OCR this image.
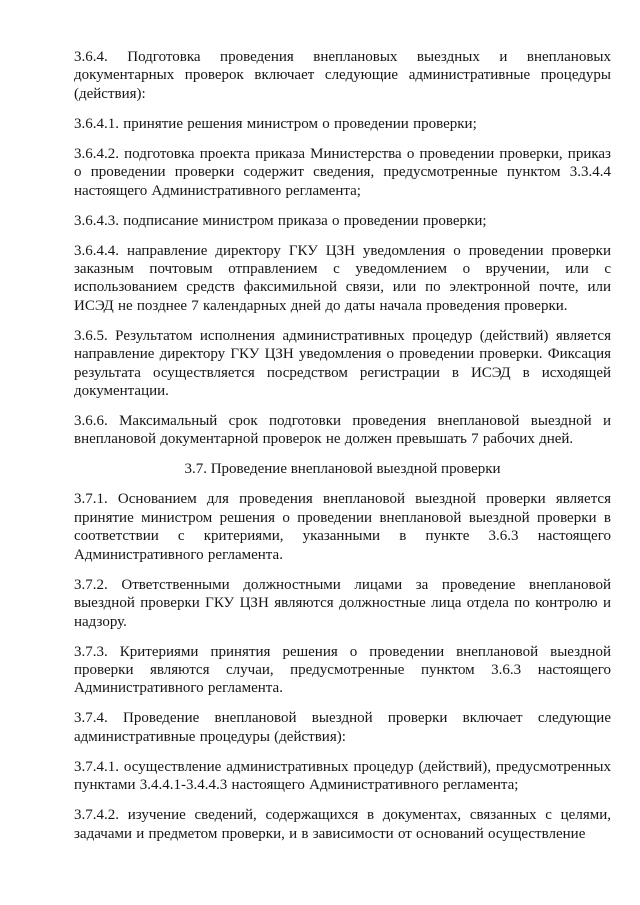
3.6.4. Подготовка проведения внеплановых выездных и внеплановых документарных проверок включает следующие административные процедуры (действия):

3.6.4.1. принятие решения министром о проведении проверки;

3.6.4.2. подготовка проекта приказа Министерства о проведении проверки, приказ о проведении проверки содержит сведения, предусмотренные пунктом 3.3.4.4 настоящего Административного регламента;

3.6.4.3. подписание министром приказа о проведении проверки;

3.6.4.4. направление директору ГКУ ЦЗН уведомления о проведении проверки заказным почтовым отправлением с уведомлением о вручении, или с использованием средств факсимильной связи, или по электронной почте, или ИСЭД не позднее 7 календарных дней до даты начала проведения проверки.

3.6.5. Результатом исполнения административных процедур (действий) является направление директору ГКУ ЦЗН уведомления о проведении проверки. Фиксация результата осуществляется посредством регистрации в ИСЭД в исходящей документации.

3.6.6. Максимальный срок подготовки проведения внеплановой выездной и внеплановой документарной проверок не должен превышать 7 рабочих дней.

3.7. Проведение внеплановой выездной проверки

3.7.1. Основанием для проведения внеплановой выездной проверки является принятие министром решения о проведении внеплановой выездной проверки в соответствии с критериями, указанными в пункте 3.6.3 настоящего Административного регламента.

3.7.2. Ответственными должностными лицами за проведение внеплановой выездной проверки ГКУ ЦЗН являются должностные лица отдела по контролю и надзору.

3.7.3. Критериями принятия решения о проведении внеплановой выездной проверки являются случаи, предусмотренные пунктом 3.6.3 настоящего Административного регламента.

3.7.4. Проведение внеплановой выездной проверки включает следующие административные процедуры (действия):

3.7.4.1. осуществление административных процедур (действий), предусмотренных пунктами 3.4.4.1-3.4.4.3 настоящего Административного регламента;

3.7.4.2. изучение сведений, содержащихся в документах, связанных с целями, задачами и предметом проверки, и в зависимости от оснований осуществление
